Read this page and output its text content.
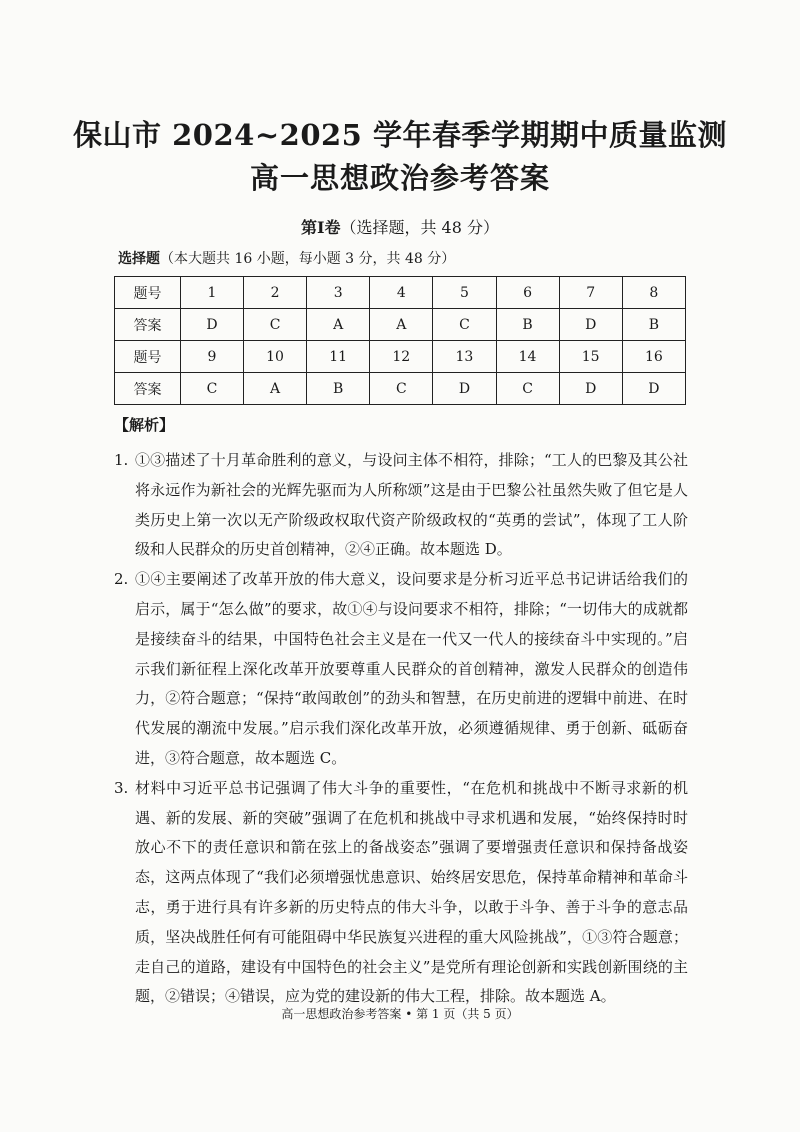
保山市 2024~2025 学年春季学期期中质量监测
高一思想政治参考答案
第Ⅰ卷（选择题，共 48 分）
选择题（本大题共 16 小题，每小题 3 分，共 48 分）
题号	1	2	3	4	5	6	7	8
答案	D	C	A	A	C	B	D	B
题号	9	10	11	12	13	14	15	16
答案	C	A	B	C	D	C	D	D
【解析】
1. ①③描述了十月革命胜利的意义，与设问主体不相符，排除；“工人的巴黎及其公社将永远作为新社会的光辉先驱而为人所称颂”这是由于巴黎公社虽然失败了但它是人类历史上第一次以无产阶级政权取代资产阶级政权的“英勇的尝试”，体现了工人阶级和人民群众的历史首创精神，②④正确。故本题选 D。
2. ①④主要阐述了改革开放的伟大意义，设问要求是分析习近平总书记讲话给我们的启示，属于“怎么做”的要求，故①④与设问要求不相符，排除；“一切伟大的成就都是接续奋斗的结果，中国特色社会主义是在一代又一代人的接续奋斗中实现的。”启示我们新征程上深化改革开放要尊重人民群众的首创精神，激发人民群众的创造伟力，②符合题意；“保持“敢闯敢创”的劲头和智慧，在历史前进的逻辑中前进、在时代发展的潮流中发展。”启示我们深化改革开放，必须遵循规律、勇于创新、砥砺奋进，③符合题意，故本题选 C。
3. 材料中习近平总书记强调了伟大斗争的重要性，“在危机和挑战中不断寻求新的机遇、新的发展、新的突破”强调了在危机和挑战中寻求机遇和发展，“始终保持时时放心不下的责任意识和箭在弦上的备战姿态”强调了要增强责任意识和保持备战姿态，这两点体现了“我们必须增强忧患意识、始终居安思危，保持革命精神和革命斗志，勇于进行具有许多新的历史特点的伟大斗争，以敢于斗争、善于斗争的意志品质，坚决战胜任何有可能阻碍中华民族复兴进程的重大风险挑战”，①③符合题意；走自己的道路，建设有中国特色的社会主义”是党所有理论创新和实践创新围绕的主题，②错误；④错误，应为党的建设新的伟大工程，排除。故本题选 A。
高一思想政治参考答案 • 第 1 页（共 5 页）
